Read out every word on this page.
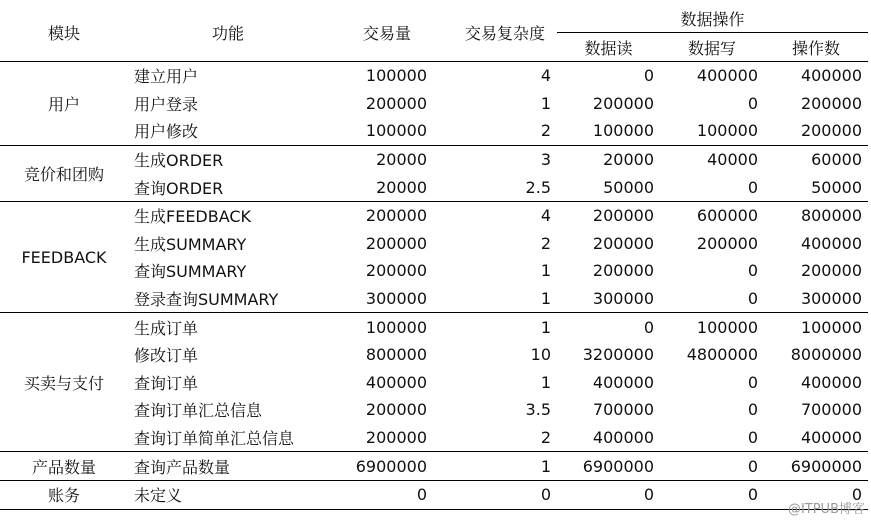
模块	功能	交易量	交易复杂度	数据操作		
				数据读	数据写	操作数
用户	建立用户	100000	4	0	400000	400000
	用户登录	200000	1	200000	0	200000
	用户修改	100000	2	100000	100000	200000
竞价和团购	生成ORDER	20000	3	20000	40000	60000
	查询ORDER	20000	2.5	50000	0	50000
FEEDBACK	生成FEEDBACK	200000	4	200000	600000	800000
	生成SUMMARY	200000	2	200000	200000	400000
	查询SUMMARY	200000	1	200000	0	200000
	登录查询SUMMARY	300000	1	300000	0	300000
买卖与支付	生成订单	100000	1	0	100000	100000
	修改订单	800000	10	3200000	4800000	8000000
	查询订单	400000	1	400000	0	400000
	查询订单汇总信息	200000	3.5	700000	0	700000
	查询订单简单汇总信息	200000	2	400000	0	400000
产品数量	查询产品数量	6900000	1	6900000	0	6900000
账务	未定义	0	0	0	0	0
@ITPUB博客
